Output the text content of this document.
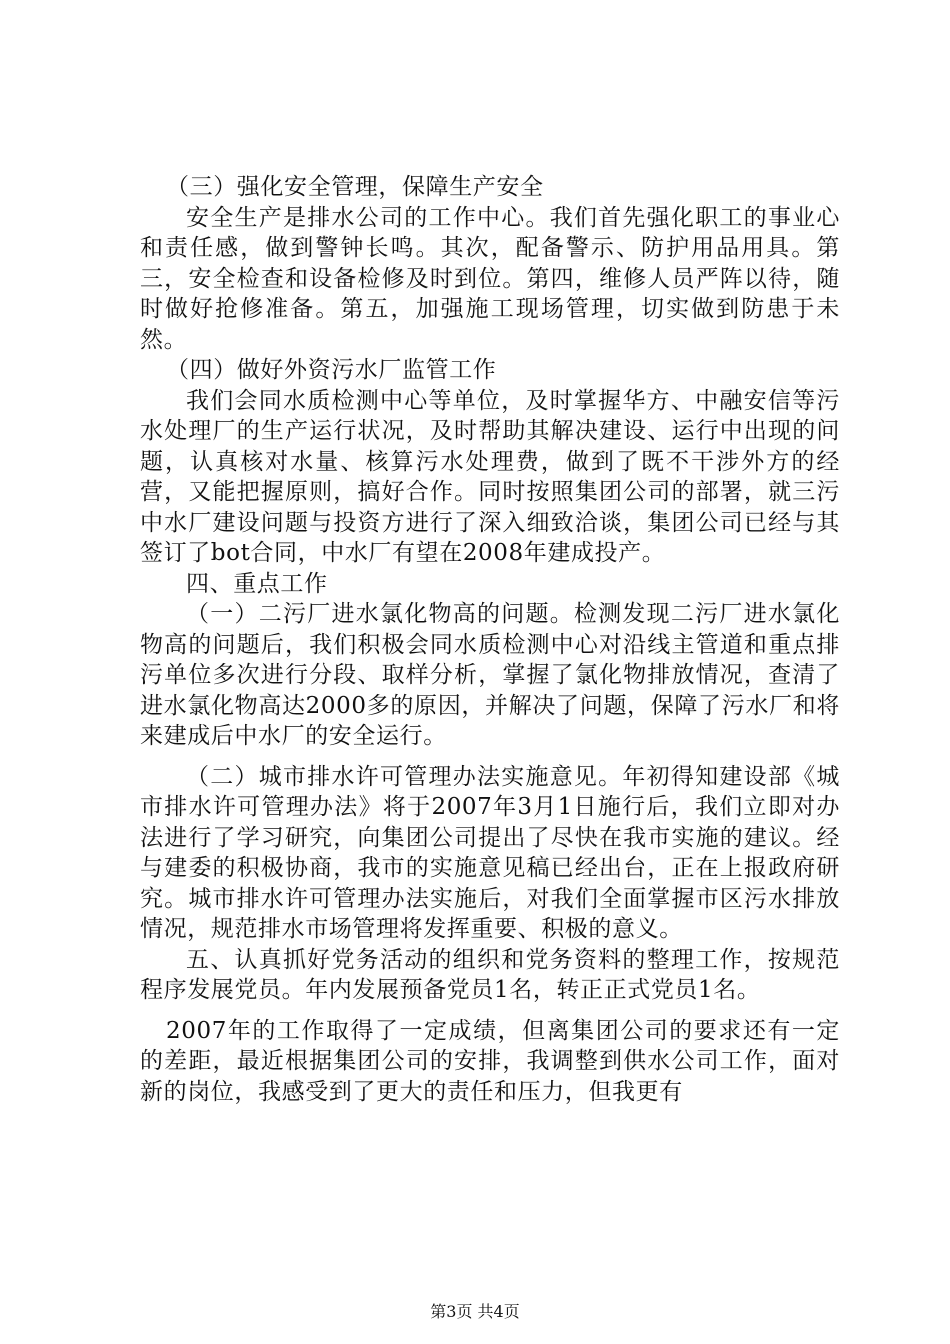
（三）强化安全管理，保障生产安全

安全生产是排水公司的工作中心。我们首先强化职工的事业心和责任感，做到警钟长鸣。其次，配备警示、防护用品用具。第三，安全检查和设备检修及时到位。第四，维修人员严阵以待，随时做好抢修准备。第五，加强施工现场管理，切实做到防患于未然。

（四）做好外资污水厂监管工作

我们会同水质检测中心等单位，及时掌握华方、中融安信等污水处理厂的生产运行状况，及时帮助其解决建设、运行中出现的问题，认真核对水量、核算污水处理费，做到了既不干涉外方的经营，又能把握原则，搞好合作。同时按照集团公司的部署，就三污中水厂建设问题与投资方进行了深入细致洽谈，集团公司已经与其签订了bot合同，中水厂有望在2008年建成投产。

四、重点工作

（一）二污厂进水氯化物高的问题。检测发现二污厂进水氯化物高的问题后，我们积极会同水质检测中心对沿线主管道和重点排污单位多次进行分段、取样分析，掌握了氯化物排放情况，查清了进水氯化物高达2000多的原因，并解决了问题，保障了污水厂和将来建成后中水厂的安全运行。

（二）城市排水许可管理办法实施意见。年初得知建设部《城市排水许可管理办法》将于2007年3月1日施行后，我们立即对办法进行了学习研究，向集团公司提出了尽快在我市实施的建议。经与建委的积极协商，我市的实施意见稿已经出台，正在上报政府研究。城市排水许可管理办法实施后，对我们全面掌握市区污水排放情况，规范排水市场管理将发挥重要、积极的意义。

五、认真抓好党务活动的组织和党务资料的整理工作，按规范程序发展党员。年内发展预备党员1名，转正正式党员1名。

2007年的工作取得了一定成绩，但离集团公司的要求还有一定的差距，最近根据集团公司的安排，我调整到供水公司工作，面对新的岗位，我感受到了更大的责任和压力，但我更有

第3页 共4页
